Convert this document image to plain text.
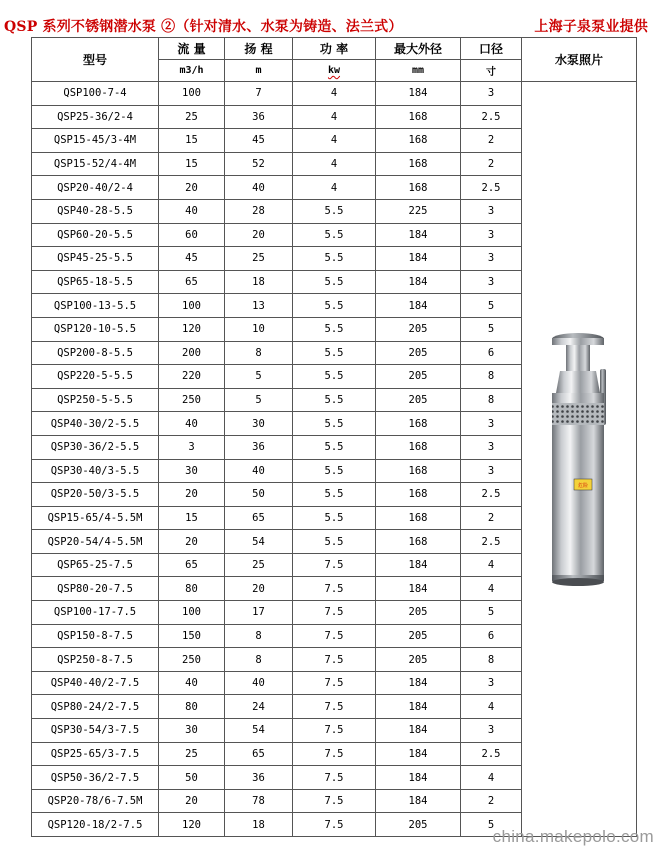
QSP 系列不锈钢潜水泵 ②（针对清水、水泵为铸造、法兰式）	上海子泉泵业提供
型号	流 量	扬 程	功 率	最大外径	口径	水泵照片
	m3/h	m	kw	mm	寸	
QSP100-7-4	100	7	4	184	3	危险

QSP25-36/2-4	25	36	4	168	2.5	
QSP15-45/3-4M	15	45	4	168	2	
QSP15-52/4-4M	15	52	4	168	2	
QSP20-40/2-4	20	40	4	168	2.5	
QSP40-28-5.5	40	28	5.5	225	3	
QSP60-20-5.5	60	20	5.5	184	3	
QSP45-25-5.5	45	25	5.5	184	3	
QSP65-18-5.5	65	18	5.5	184	3	
QSP100-13-5.5	100	13	5.5	184	5	
QSP120-10-5.5	120	10	5.5	205	5	
QSP200-8-5.5	200	8	5.5	205	6	
QSP220-5-5.5	220	5	5.5	205	8	
QSP250-5-5.5	250	5	5.5	205	8	
QSP40-30/2-5.5	40	30	5.5	168	3	
QSP30-36/2-5.5	3	36	5.5	168	3	
QSP30-40/3-5.5	30	40	5.5	168	3	
QSP20-50/3-5.5	20	50	5.5	168	2.5	
QSP15-65/4-5.5M	15	65	5.5	168	2	
QSP20-54/4-5.5M	20	54	5.5	168	2.5	
QSP65-25-7.5	65	25	7.5	184	4	
QSP80-20-7.5	80	20	7.5	184	4	
QSP100-17-7.5	100	17	7.5	205	5	
QSP150-8-7.5	150	8	7.5	205	6	
QSP250-8-7.5	250	8	7.5	205	8	
QSP40-40/2-7.5	40	40	7.5	184	3	
QSP80-24/2-7.5	80	24	7.5	184	4	
QSP30-54/3-7.5	30	54	7.5	184	3	
QSP25-65/3-7.5	25	65	7.5	184	2.5	
QSP50-36/2-7.5	50	36	7.5	184	4	
QSP20-78/6-7.5M	20	78	7.5	184	2	
QSP120-18/2-7.5	120	18	7.5	205	5	
china.makepolo.com
